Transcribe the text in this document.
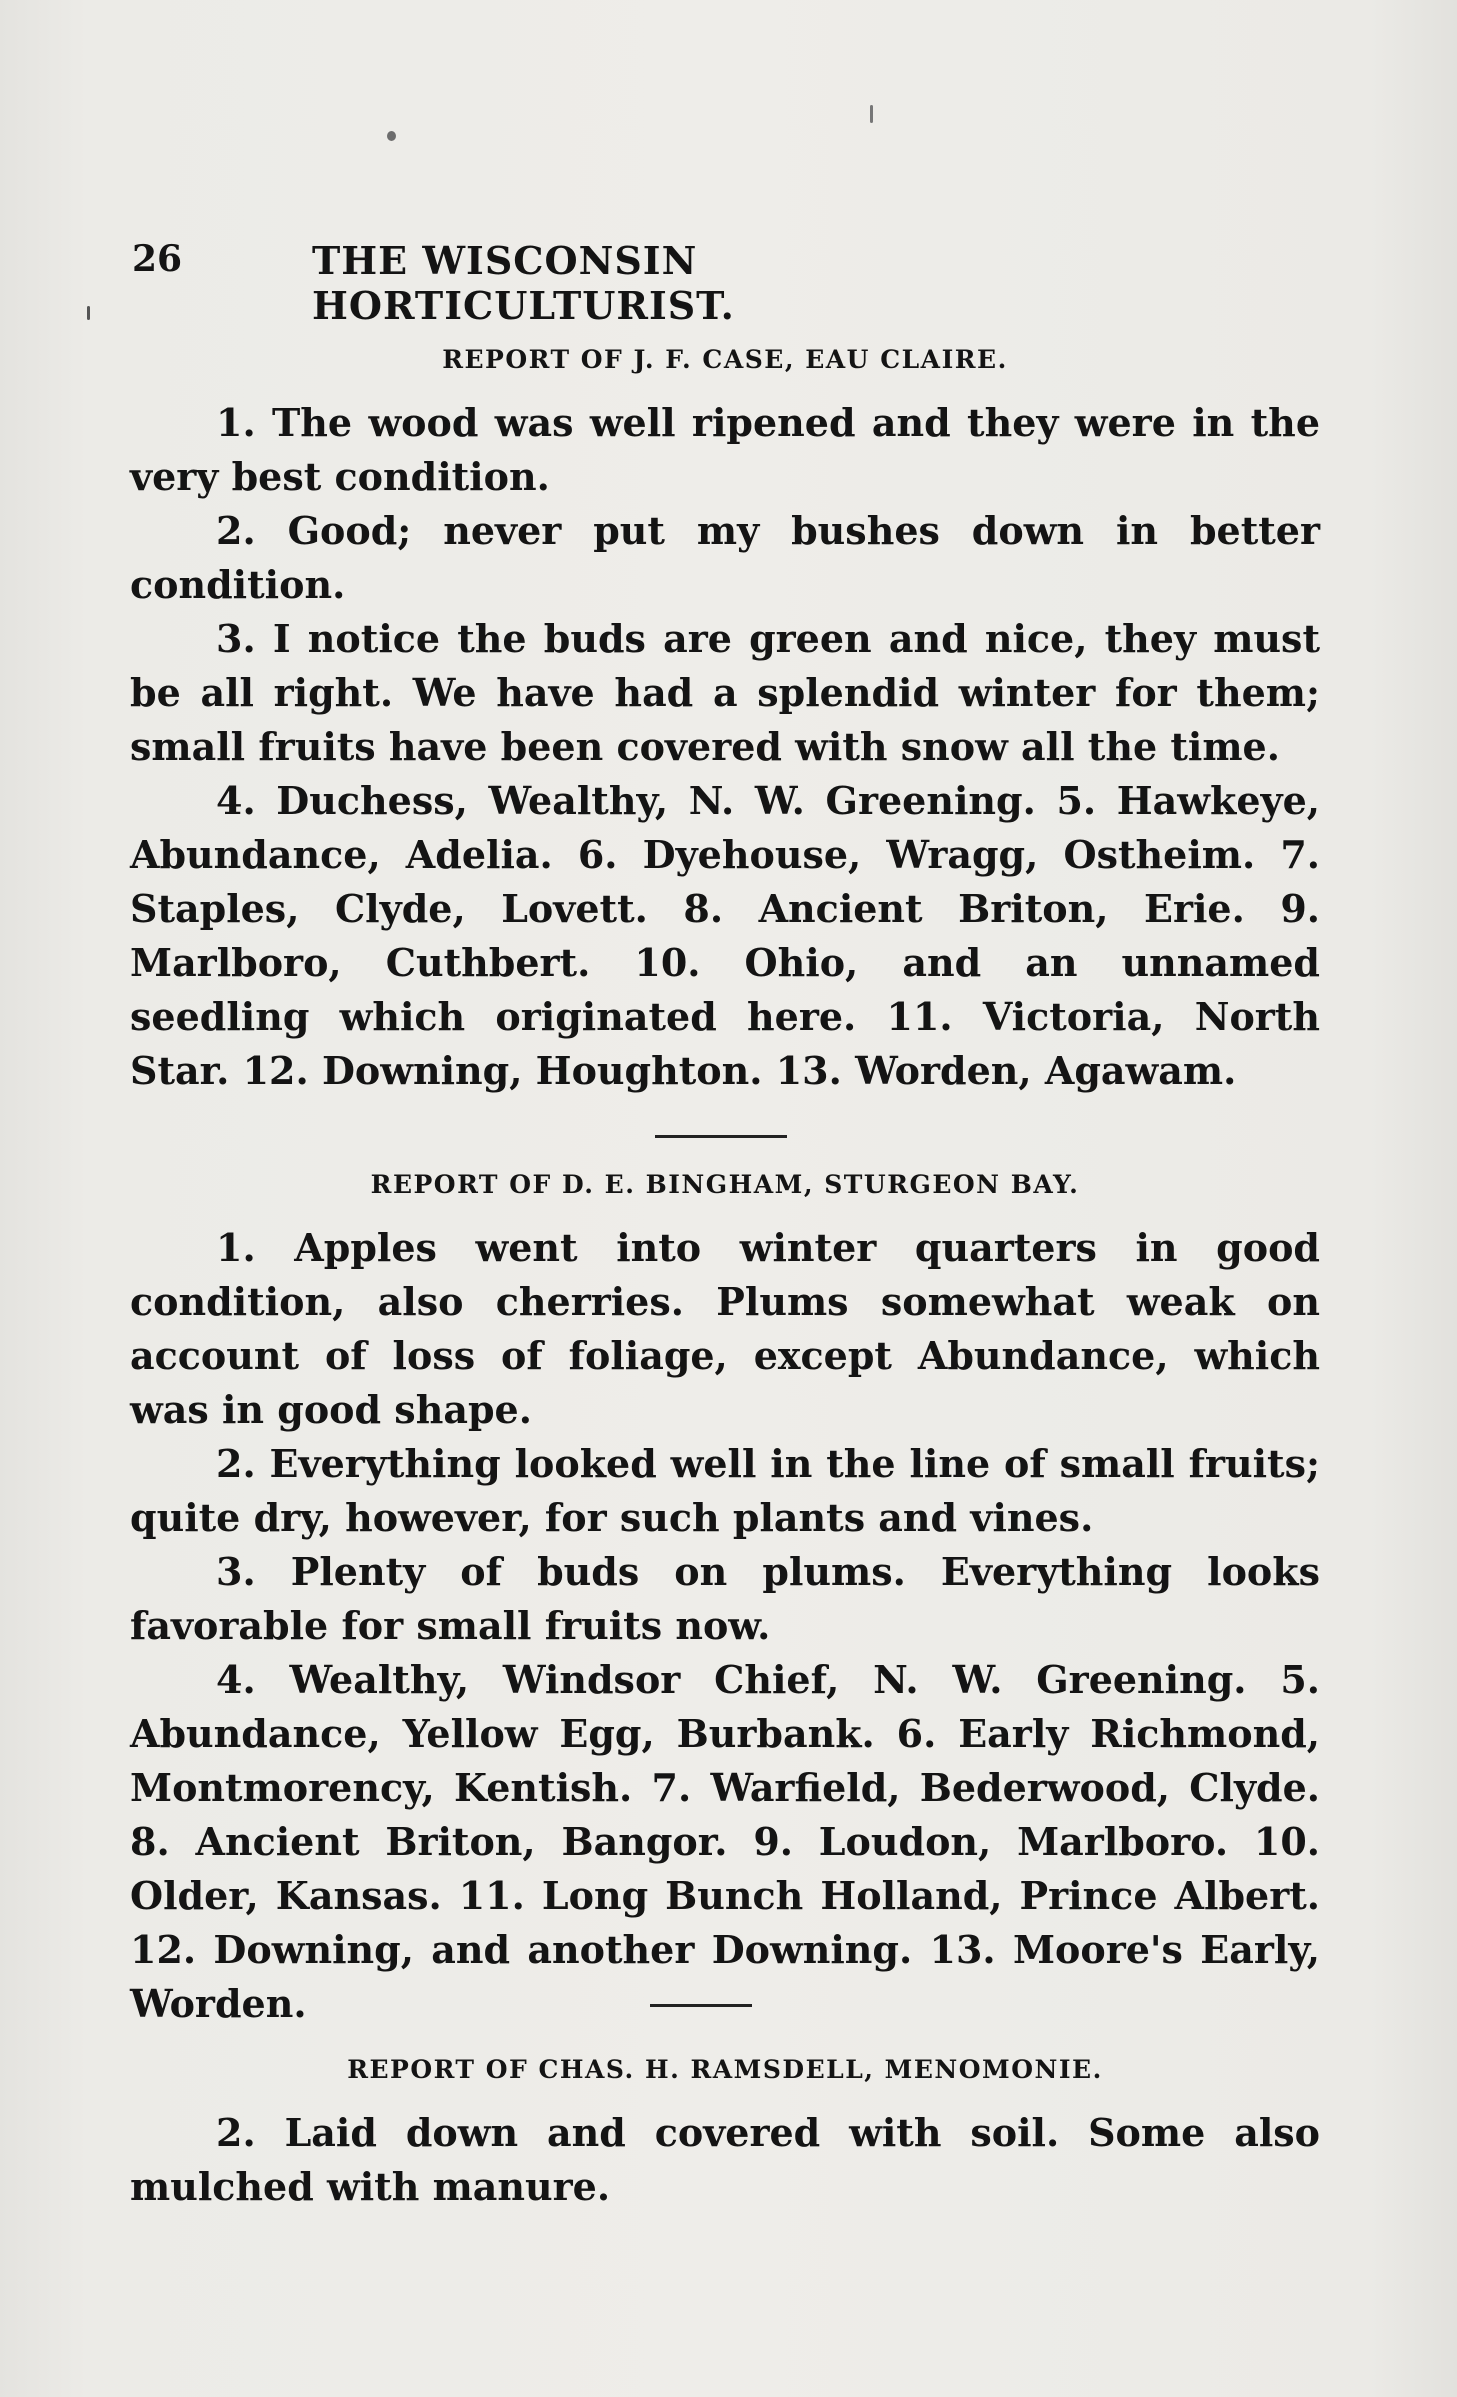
26	THE WISCONSIN HORTICULTURIST.
REPORT OF J. F. CASE, EAU CLAIRE.

1. The wood was well ripened and they were in the very best condition.

2. Good; never put my bushes down in better condition.

3. I notice the buds are green and nice, they must be all right. We have had a splendid winter for them; small fruits have been covered with snow all the time.

4. Duchess, Wealthy, N. W. Greening. 5. Hawkeye, Abundance, Adelia. 6. Dyehouse, Wragg, Ostheim. 7. Staples, Clyde, Lovett. 8. Ancient Briton, Erie. 9. Marlboro, Cuthbert. 10. Ohio, and an unnamed seedling which originated here. 11. Victoria, North Star. 12. Downing, Houghton. 13. Worden, Agawam.

REPORT OF D. E. BINGHAM, STURGEON BAY.

1. Apples went into winter quarters in good condition, also cherries. Plums somewhat weak on account of loss of foliage, except Abundance, which was in good shape.

2. Everything looked well in the line of small fruits; quite dry, however, for such plants and vines.

3. Plenty of buds on plums. Everything looks favorable for small fruits now.

4. Wealthy, Windsor Chief, N. W. Greening. 5. Abundance, Yellow Egg, Burbank. 6. Early Richmond, Montmorency, Kentish. 7. Warfield, Bederwood, Clyde. 8. Ancient Briton, Bangor. 9. Loudon, Marlboro. 10. Older, Kansas. 11. Long Bunch Holland, Prince Albert. 12. Downing, and another Downing. 13. Moore's Early, Worden.

REPORT OF CHAS. H. RAMSDELL, MENOMONIE.

2. Laid down and covered with soil. Some also mulched with manure.
